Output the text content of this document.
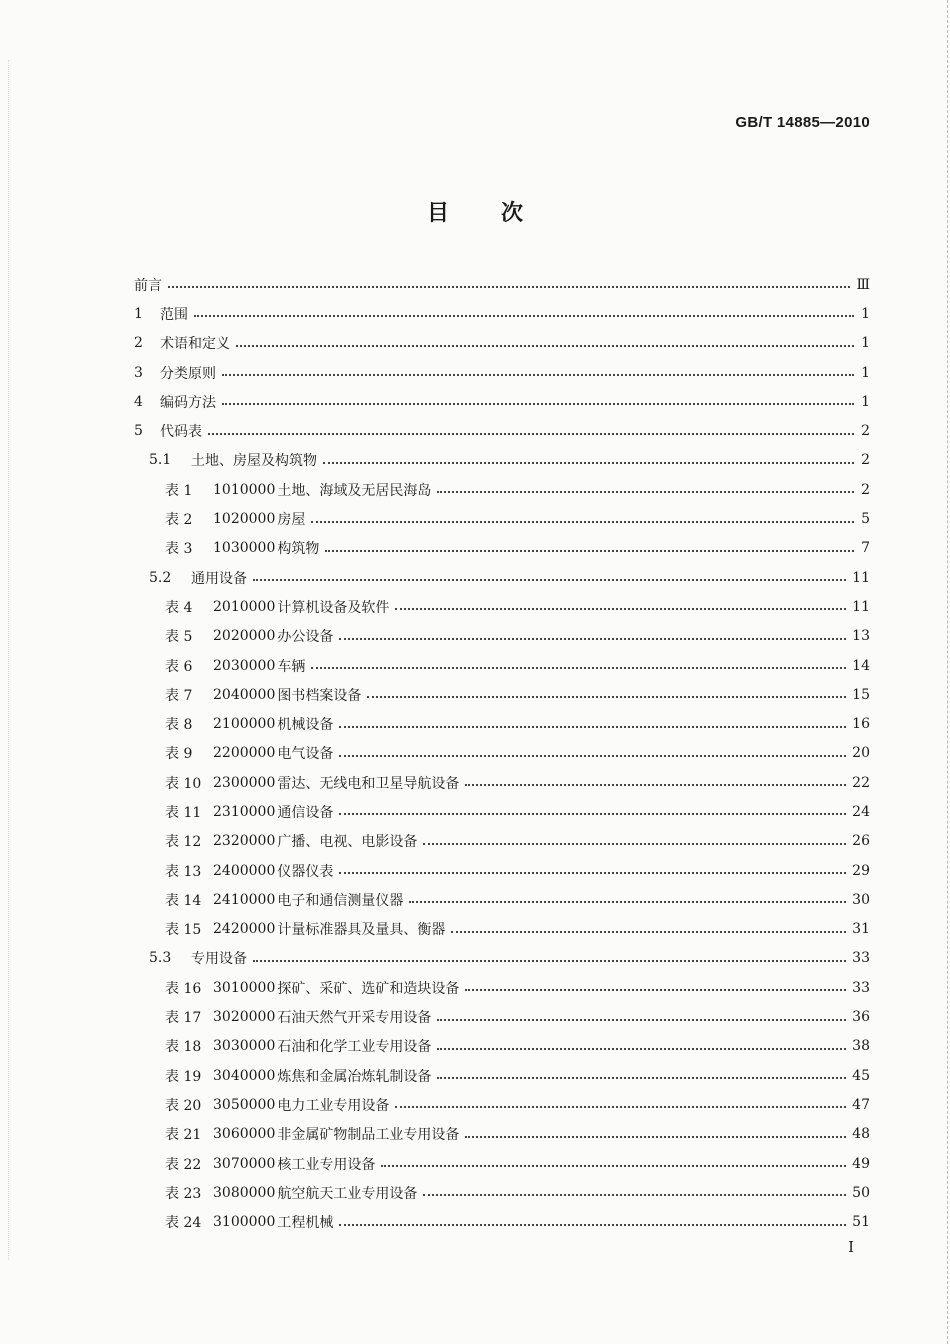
GB/T 14885—2010
目次
前言	Ⅲ
1	范围	1
2	术语和定义	1
3	分类原则	1
4	编码方法	1
5	代码表	2
5.1	土地、房屋及构筑物	2
表 1	1010000 土地、海域及无居民海岛	2
表 2	1020000 房屋	5
表 3	1030000 构筑物	7
5.2	通用设备	11
表 4	2010000 计算机设备及软件	11
表 5	2020000 办公设备	13
表 6	2030000 车辆	14
表 7	2040000 图书档案设备	15
表 8	2100000 机械设备	16
表 9	2200000 电气设备	20
表 10 2300000 雷达、无线电和卫星导航设备	22
表 11 2310000 通信设备	24
表 12 2320000 广播、电视、电影设备	26
表 13 2400000 仪器仪表	29
表 14 2410000 电子和通信测量仪器	30
表 15 2420000 计量标准器具及量具、衡器	31
5.3	专用设备	33
表 16 3010000 探矿、采矿、选矿和造块设备	33
表 17 3020000 石油天然气开采专用设备	36
表 18 3030000 石油和化学工业专用设备	38
表 19 3040000 炼焦和金属冶炼轧制设备	45
表 20 3050000 电力工业专用设备	47
表 21 3060000 非金属矿物制品工业专用设备	48
表 22 3070000 核工业专用设备	49
表 23 3080000 航空航天工业专用设备	50
表 24 3100000 工程机械	51
I
